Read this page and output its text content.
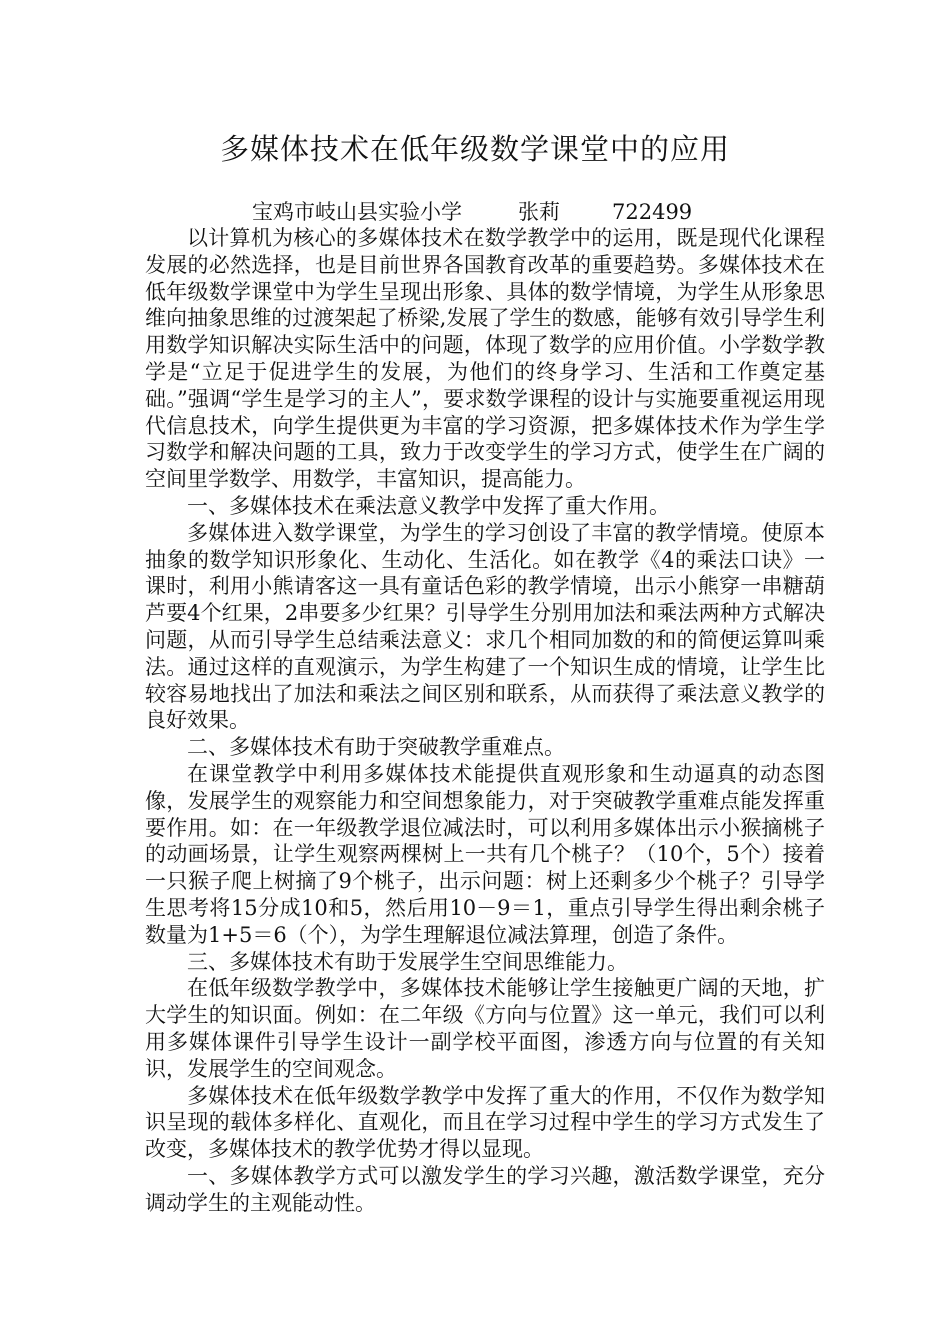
多媒体技术在低年级数学课堂中的应用
宝鸡市岐山县实验小学	张莉 722499

以计算机为核心的多媒体技术在数学教学中的运用，既是现代化课程发展的必然选择，也是目前世界各国教育改革的重要趋势。多媒体技术在低年级数学课堂中为学生呈现出形象、具体的数学情境，为学生从形象思维向抽象思维的过渡架起了桥梁,发展了学生的数感，能够有效引导学生利用数学知识解决实际生活中的问题，体现了数学的应用价值。小学数学教学是“立足于促进学生的发展，为他们的终身学习、生活和工作奠定基础。”强调“学生是学习的主人”，要求数学课程的设计与实施要重视运用现代信息技术，向学生提供更为丰富的学习资源，把多媒体技术作为学生学习数学和解决问题的工具，致力于改变学生的学习方式，使学生在广阔的空间里学数学、用数学，丰富知识，提高能力。

一、多媒体技术在乘法意义教学中发挥了重大作用。

多媒体进入数学课堂，为学生的学习创设了丰富的教学情境。使原本抽象的数学知识形象化、生动化、生活化。如在教学《4的乘法口诀》一课时，利用小熊请客这一具有童话色彩的教学情境，出示小熊穿一串糖葫芦要4个红果，2串要多少红果？引导学生分别用加法和乘法两种方式解决问题，从而引导学生总结乘法意义：求几个相同加数的和的简便运算叫乘法。通过这样的直观演示，为学生构建了一个知识生成的情境，让学生比较容易地找出了加法和乘法之间区别和联系，从而获得了乘法意义教学的良好效果。

二、多媒体技术有助于突破教学重难点。

在课堂教学中利用多媒体技术能提供直观形象和生动逼真的动态图像，发展学生的观察能力和空间想象能力，对于突破教学重难点能发挥重要作用。如：在一年级教学退位减法时，可以利用多媒体出示小猴摘桃子的动画场景，让学生观察两棵树上一共有几个桃子？（10个，5个）接着一只猴子爬上树摘了9个桃子，出示问题：树上还剩多少个桃子？引导学生思考将15分成10和5，然后用10－9＝1，重点引导学生得出剩余桃子数量为1+5＝6（个），为学生理解退位减法算理，创造了条件。

三、多媒体技术有助于发展学生空间思维能力。

在低年级数学教学中，多媒体技术能够让学生接触更广阔的天地，扩大学生的知识面。例如：在二年级《方向与位置》这一单元，我们可以利用多媒体课件引导学生设计一副学校平面图，渗透方向与位置的有关知识，发展学生的空间观念。

多媒体技术在低年级数学教学中发挥了重大的作用，不仅作为数学知识呈现的载体多样化、直观化，而且在学习过程中学生的学习方式发生了改变，多媒体技术的教学优势才得以显现。

一、多媒体教学方式可以激发学生的学习兴趣，激活数学课堂，充分调动学生的主观能动性。
